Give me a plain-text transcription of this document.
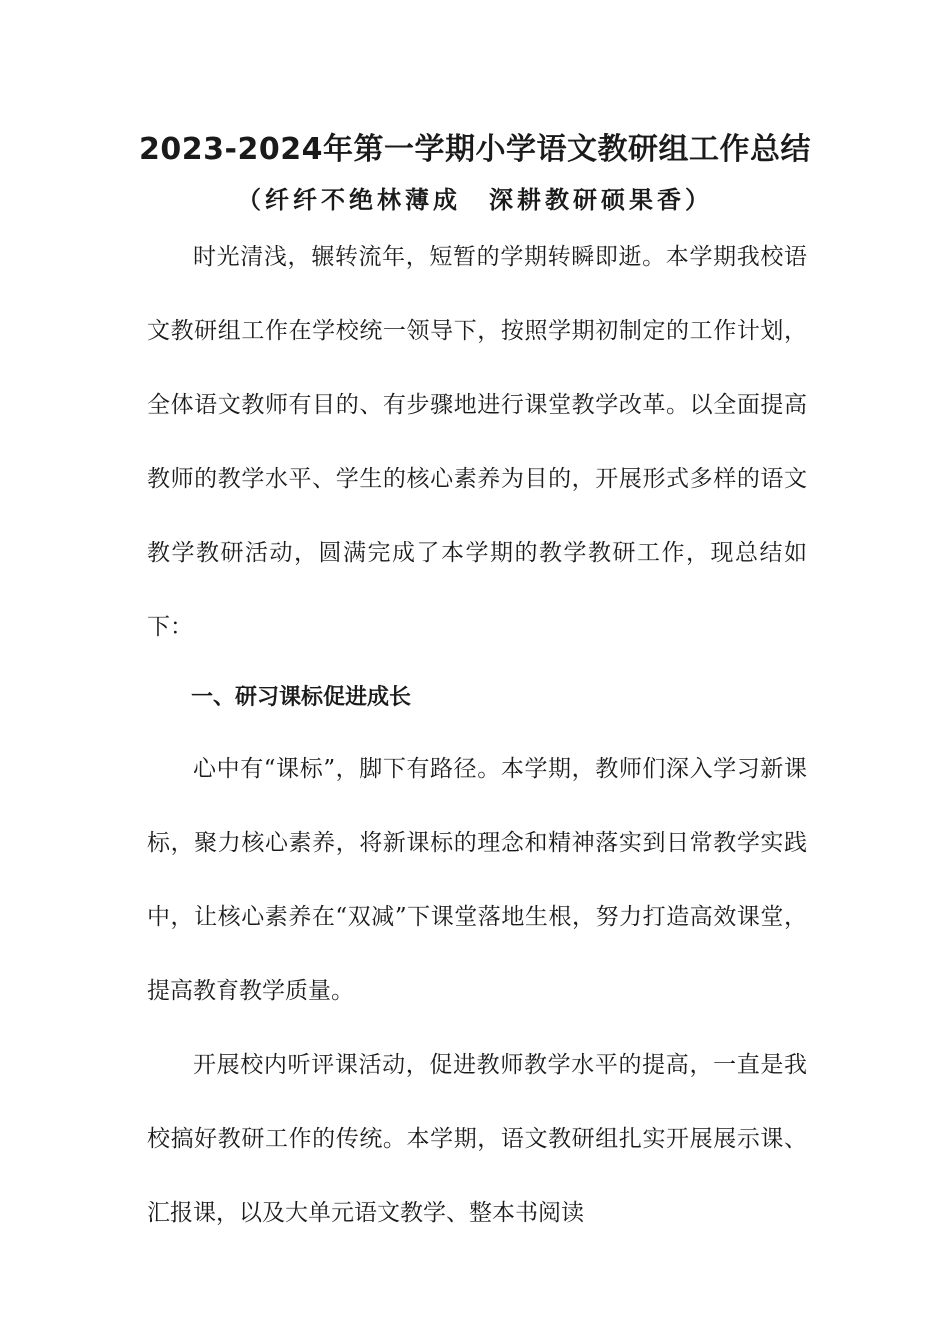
2023-2024年第一学期小学语文教研组工作总结
（纤纤不绝林薄成　深耕教研硕果香）

时光清浅，辗转流年，短暂的学期转瞬即逝。本学期我校语文教研组工作在学校统一领导下，按照学期初制定的工作计划，全体语文教师有目的、有步骤地进行课堂教学改革。以全面提高教师的教学水平、学生的核心素养为目的，开展形式多样的语文教学教研活动，圆满完成了本学期的教学教研工作，现总结如下：

一、研习课标促进成长

心中有“课标”，脚下有路径。本学期，教师们深入学习新课标，聚力核心素养，将新课标的理念和精神落实到日常教学实践中，让核心素养在“双减”下课堂落地生根，努力打造高效课堂，提高教育教学质量。

开展校内听评课活动，促进教师教学水平的提高，一直是我校搞好教研工作的传统。本学期，语文教研组扎实开展展示课、汇报课，以及大单元语文教学、整本书阅读
